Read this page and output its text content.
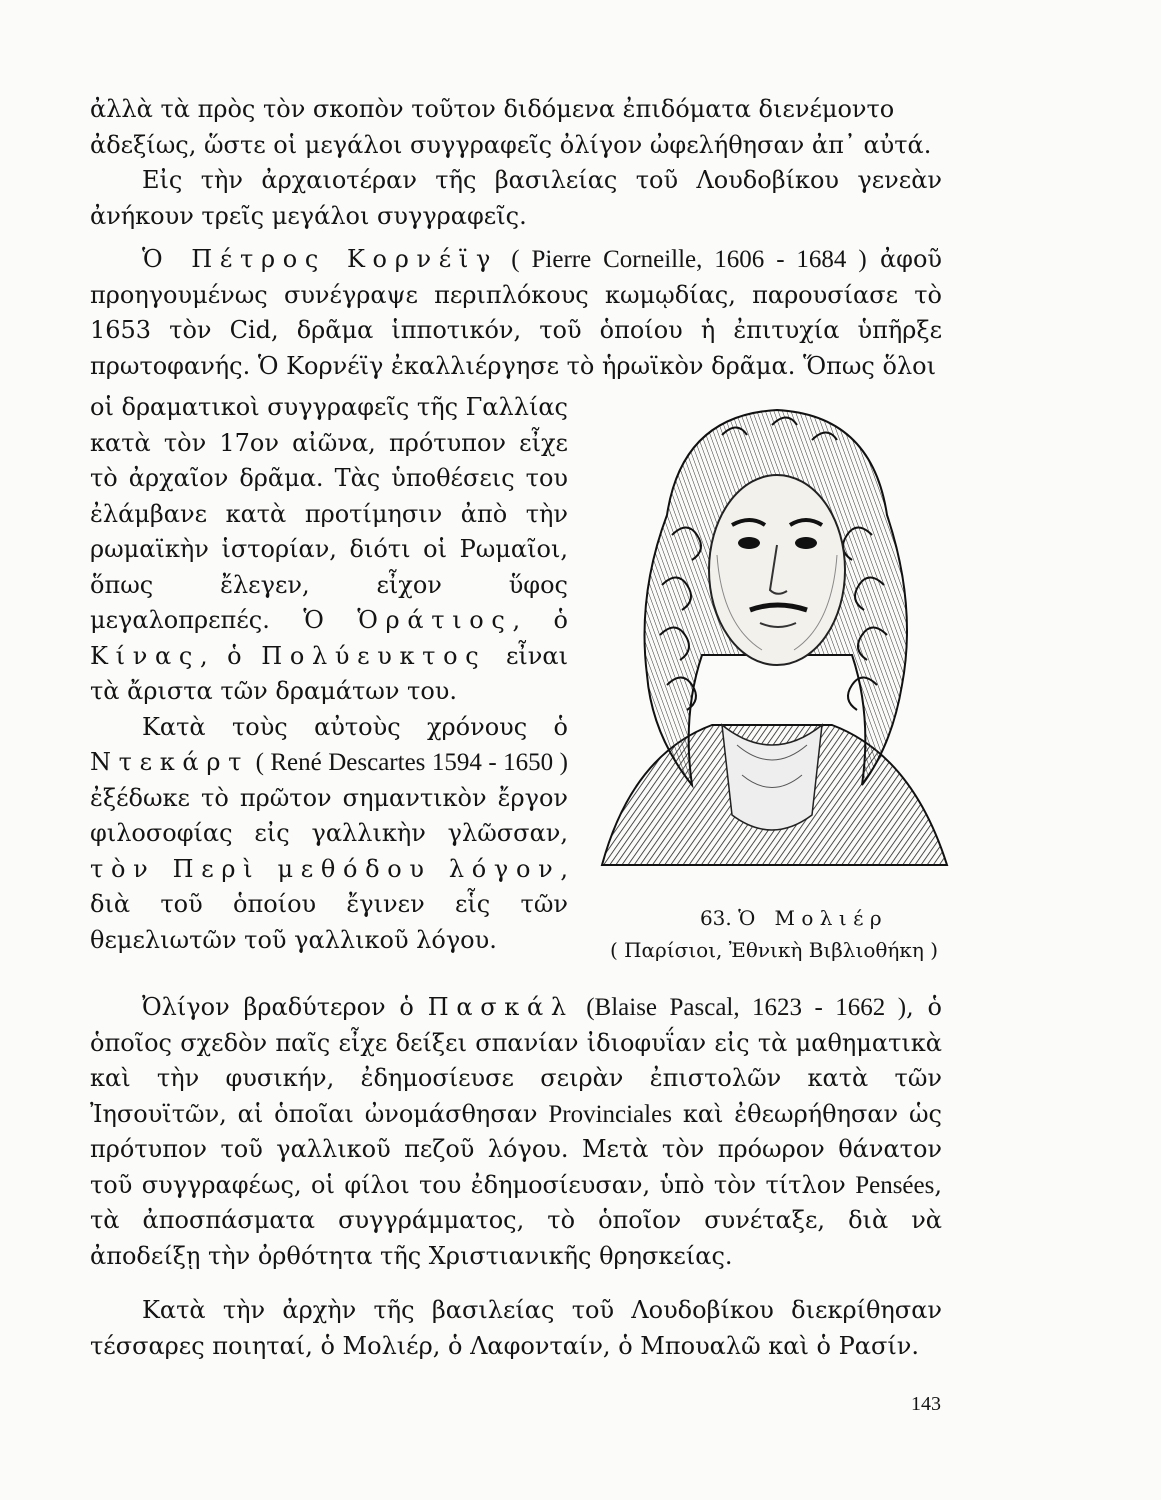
ἀλλὰ τὰ πρὸς τὸν σκοπὸν τοῦτον διδόμενα ἐπιδόματα διενέμοντο
ἀδεξίως, ὥστε οἱ μεγάλοι συγγραφεῖς ὀλίγον ὠφελήθησαν ἀπ᾽ αὐτά.

Εἰς τὴν ἀρχαιοτέραν τῆς βασιλείας τοῦ Λουδοβίκου γενεὰν ἀνήκουν τρεῖς μεγάλοι συγγραφεῖς.

Ὁ Πέτρος Κορνέϊγ ( Pierre Corneille, 1606 - 1684 ) ἀφοῦ προηγουμένως συνέγραψε περιπλόκους κωμῳδίας, παρουσίασε τὸ 1653 τὸν Cid, δρᾶμα ἱπποτικόν, τοῦ ὁποίου ἡ ἐπιτυχία ὑπῆρξε πρωτοφανής. Ὁ Κορνέϊγ ἐκαλλιέργησε τὸ ἡρωϊκὸν δρᾶμα. Ὅπως ὅλοι

οἱ δραματικοὶ συγγραφεῖς τῆς Γαλλίας κατὰ τὸν 17ον αἰῶνα, πρότυπον εἶχε τὸ ἀρχαῖον δρᾶμα. Τὰς ὑποθέσεις του ἐλάμβανε κατὰ προτίμησιν ἀπὸ τὴν ρωμαϊκὴν ἱστορίαν, διότι οἱ Ρωμαῖοι, ὅπως ἔλεγεν, εἶχον ὕφος μεγαλοπρεπές. Ὁ Ὁράτιος, ὁ Κίνας, ὁ Πολύευκτος εἶναι τὰ ἄριστα τῶν δραμάτων του.

Κατὰ τοὺς αὐτοὺς χρόνους ὁ Ντεκάρτ ( René Descartes 1594 - 1650 ) ἐξέδωκε τὸ πρῶτον σημαντικὸν ἔργον φιλοσοφίας εἰς γαλλικὴν γλῶσσαν, τὸν Περὶ μεθόδου λόγον, διὰ τοῦ ὁποίου ἔγινεν εἷς τῶν θεμελιωτῶν τοῦ γαλλικοῦ λόγου.

63. Ὁ Μολιέρ
( Παρίσιοι, Ἐθνικὴ Βιβλιοθήκη )

Ὀλίγον βραδύτερον ὁ Πασκάλ (Blaise Pascal, 1623 - 1662 ), ὁ ὁποῖος σχεδὸν παῖς εἶχε δείξει σπανίαν ἰδιοφυΐαν εἰς τὰ μαθηματικὰ καὶ τὴν φυσικήν, ἐδημοσίευσε σειρὰν ἐπιστολῶν κατὰ τῶν Ἰησουϊτῶν, αἱ ὁποῖαι ὠνομάσθησαν Provinciales καὶ ἐθεωρήθησαν ὡς πρότυπον τοῦ γαλλικοῦ πεζοῦ λόγου. Μετὰ τὸν πρόωρον θάνατον τοῦ συγγραφέως, οἱ φίλοι του ἐδημοσίευσαν, ὑπὸ τὸν τίτλον Pensées, τὰ ἀποσπάσματα συγγράμματος, τὸ ὁποῖον συνέταξε, διὰ νὰ ἀποδείξῃ τὴν ὀρθότητα τῆς Χριστιανικῆς θρησκείας.

Κατὰ τὴν ἀρχὴν τῆς βασιλείας τοῦ Λουδοβίκου διεκρίθησαν τέσσαρες ποιηταί, ὁ Μολιέρ, ὁ Λαφονταίν, ὁ Μπουαλῶ καὶ ὁ Ρασίν.

143
